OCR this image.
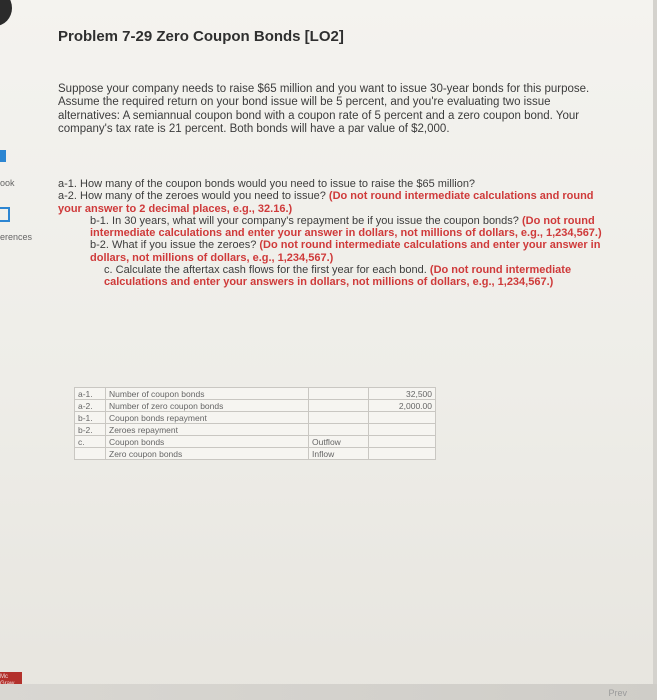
ook
erences
Mc
Problem 7-29 Zero Coupon Bonds [LO2]

Suppose your company needs to raise $65 million and you want to issue 30-year bonds for this purpose. Assume the required return on your bond issue will be 5 percent, and you're evaluating two issue alternatives: A semiannual coupon bond with a coupon rate of 5 percent and a zero coupon bond. Your company's tax rate is 21 percent. Both bonds will have a par value of $2,000.

a-1. How many of the coupon bonds would you need to issue to raise the $65 million?
a-2. How many of the zeroes would you need to issue? (Do not round intermediate calculations and round your answer to 2 decimal places, e.g., 32.16.)
b-1. In 30 years, what will your company's repayment be if you issue the coupon bonds? (Do not round intermediate calculations and enter your answer in dollars, not millions of dollars, e.g., 1,234,567.)
b-2. What if you issue the zeroes? (Do not round intermediate calculations and enter your answer in dollars, not millions of dollars, e.g., 1,234,567.)
c. Calculate the aftertax cash flows for the first year for each bond. (Do not round intermediate calculations and enter your answers in dollars, not millions of dollars, e.g., 1,234,567.)
a-1.	Number of coupon bonds		32,500
a-2.	Number of zero coupon bonds		2,000.00
b-1.	Coupon bonds repayment		
b-2.	Zeroes repayment		
c.	Coupon bonds	Outflow	
	Zero coupon bonds	Inflow	
Prev
